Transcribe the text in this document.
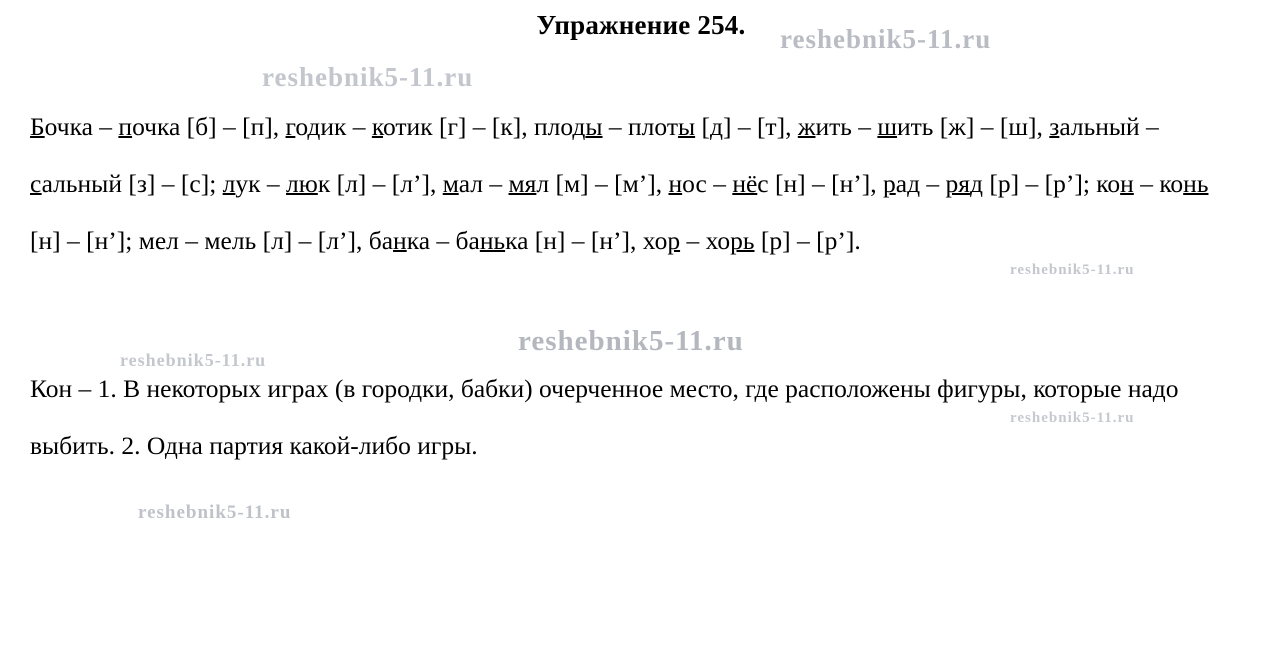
Упражнение 254.
Бочка – почка [б] – [п], годик – котик [г] – [к], плоды – плоты [д] – [т], жить – шить [ж] – [ш], зальный – сальный [з] – [с]; лук – люк [л] – [л’], мал – мял [м] – [м’], нос – нёс [н] – [н’], рад – ряд [р] – [р’]; кон – конь [н] – [н’]; мел – мель [л] – [л’], банка – банька [н] – [н’], хор – хорь [р] – [р’].
Кон – 1. В некоторых играх (в городки, бабки) очерченное место, где расположены фигуры, которые надо выбить. 2. Одна партия какой-либо игры.
reshebnik5-11.ru
reshebnik5-11.ru
reshebnik5-11.ru
reshebnik5-11.ru
reshebnik5-11.ru
reshebnik5-11.ru
reshebnik5-11.ru
